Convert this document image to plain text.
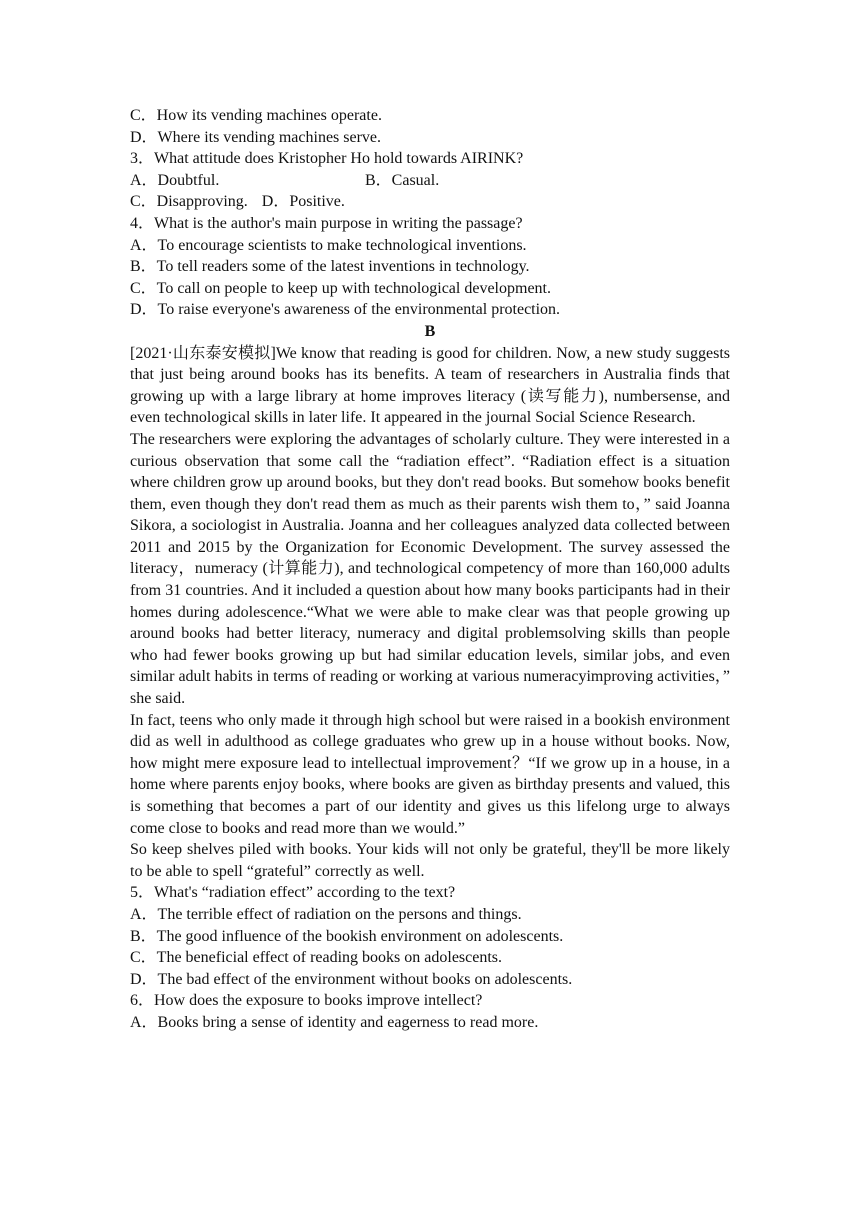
C．How its vending machines operate.
D．Where its vending machines serve.
3．What attitude does Kristopher Ho hold towards AIRINK?
A．Doubtful.	B．Casual.
C．Disapproving. D．Positive.
4．What is the author's main purpose in writing the passage?
A．To encourage scientists to make technological inventions.
B．To tell readers some of the latest inventions in technology.
C．To call on people to keep up with technological development.
D．To raise everyone's awareness of the environmental protection.
B

[2021·山东泰安模拟]We know that reading is good for children. Now, a new study suggests that just being around books has its benefits. A team of researchers in Australia finds that growing up with a large library at home improves literacy (读写能力), numbersense, and even technological skills in later life. It appeared in the journal Social Science Research.

The researchers were exploring the advantages of scholarly culture. They were interested in a curious observation that some call the “radiation effect”. “Radiation effect is a situation where children grow up around books, but they don't read books. But somehow books benefit them, even though they don't read them as much as their parents wish them to，” said Joanna Sikora, a sociologist in Australia. Joanna and her colleagues analyzed data collected between 2011 and 2015 by the Organization for Economic Development. The survey assessed the literacy，numeracy (计算能力), and technological competency of more than 160,000 adults from 31 countries. And it included a question about how many books participants had in their homes during adolescence.“What we were able to make clear was that people growing up around books had better literacy, numeracy and digital problemsolving skills than people who had fewer books growing up but had similar education levels, similar jobs, and even similar adult habits in terms of reading or working at various numeracyimproving activities，” she said.

In fact, teens who only made it through high school but were raised in a bookish environment did as well in adulthood as college graduates who grew up in a house without books. Now, how might mere exposure lead to intellectual improvement？“If we grow up in a house, in a home where parents enjoy books, where books are given as birthday presents and valued, this is something that becomes a part of our identity and gives us this lifelong urge to always come close to books and read more than we would.”

So keep shelves piled with books. Your kids will not only be grateful, they'll be more likely to be able to spell “grateful” correctly as well.

5．What's “radiation effect” according to the text?
A．The terrible effect of radiation on the persons and things.
B．The good influence of the bookish environment on adolescents.
C．The beneficial effect of reading books on adolescents.
D．The bad effect of the environment without books on adolescents.
6．How does the exposure to books improve intellect?
A．Books bring a sense of identity and eagerness to read more.
